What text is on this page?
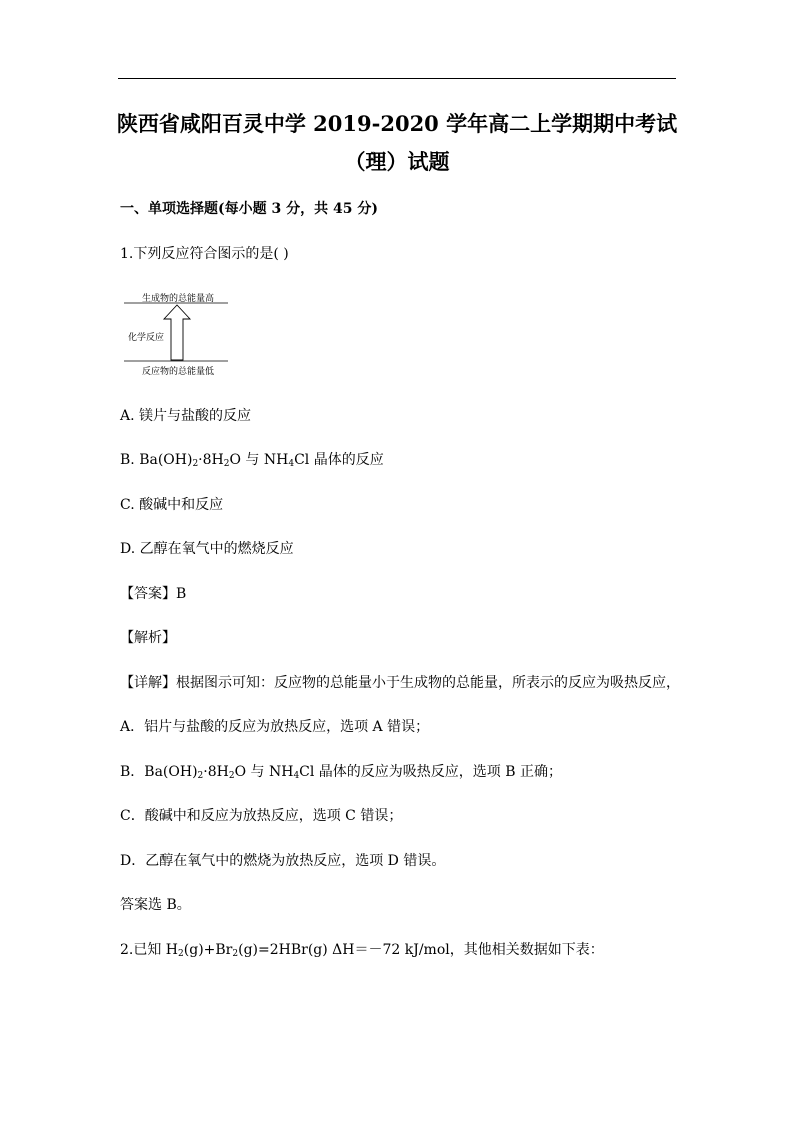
陕西省咸阳百灵中学 2019-2020 学年高二上学期期中考试
（理）试题
一、单项选择题(每小题 3 分，共 45 分)
1.下列反应符合图示的是( )
生成物的总能量高
化学反应
反应物的总能量低
A. 镁片与盐酸的反应
B. $Ba(OH)_2\cdot 8H_2O$ 与 $NH_4Cl$ 晶体的反应
C. 酸碱中和反应
D. 乙醇在氧气中的燃烧反应
【答案】B
【解析】
【详解】根据图示可知：反应物的总能量小于生成物的总能量，所表示的反应为吸热反应，
A．铝片与盐酸的反应为放热反应，选项 A 错误；
B．$Ba(OH)_2\cdot 8H_2O$ 与 $NH_4Cl$ 晶体的反应为吸热反应，选项 B 正确；
C．酸碱中和反应为放热反应，选项 C 错误；
D．乙醇在氧气中的燃烧为放热反应，选项 D 错误。
答案选 B。
2.已知 $H_2(g)+Br_2(g)=2HBr(g)$ ΔH＝－72 kJ/mol，其他相关数据如下表：
